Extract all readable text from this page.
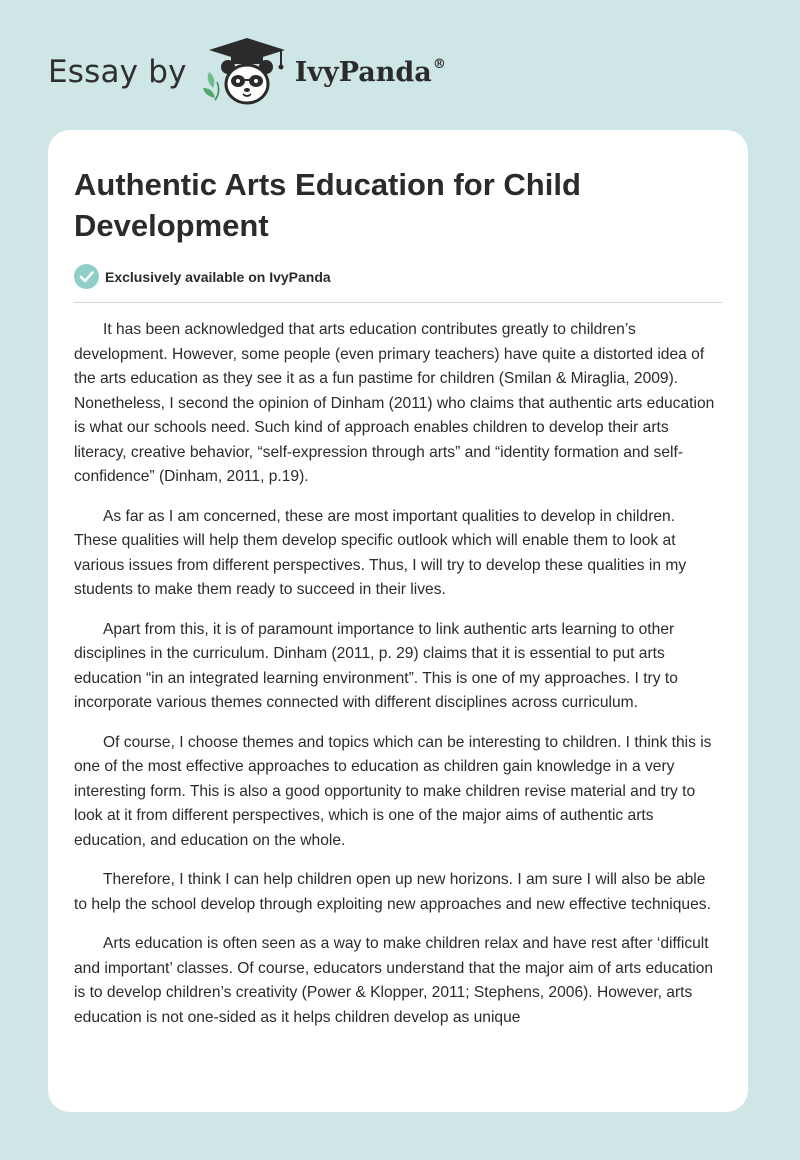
Essay by	IvyPanda®
Authentic Arts Education for Child Development
Exclusively available on IvyPanda

It has been acknowledged that arts education contributes greatly to children’s development. However, some people (even primary teachers) have quite a distorted idea of the arts education as they see it as a fun pastime for children (Smilan & Miraglia, 2009). Nonetheless, I second the opinion of Dinham (2011) who claims that authentic arts education is what our schools need. Such kind of approach enables children to develop their arts literacy, creative behavior, “self-expression through arts” and “identity formation and self-confidence” (Dinham, 2011, p.19).

As far as I am concerned, these are most important qualities to develop in children. These qualities will help them develop specific outlook which will enable them to look at various issues from different perspectives. Thus, I will try to develop these qualities in my students to make them ready to succeed in their lives.

Apart from this, it is of paramount importance to link authentic arts learning to other disciplines in the curriculum. Dinham (2011, p. 29) claims that it is essential to put arts education “in an integrated learning environment”. This is one of my approaches. I try to incorporate various themes connected with different disciplines across curriculum.

Of course, I choose themes and topics which can be interesting to children. I think this is one of the most effective approaches to education as children gain knowledge in a very interesting form. This is also a good opportunity to make children revise material and try to look at it from different perspectives, which is one of the major aims of authentic arts education, and education on the whole.

Therefore, I think I can help children open up new horizons. I am sure I will also be able to help the school develop through exploiting new approaches and new effective techniques.

Arts education is often seen as a way to make children relax and have rest after ‘difficult and important’ classes. Of course, educators understand that the major aim of arts education is to develop children’s creativity (Power & Klopper, 2011; Stephens, 2006). However, arts education is not one-sided as it helps children develop as unique
